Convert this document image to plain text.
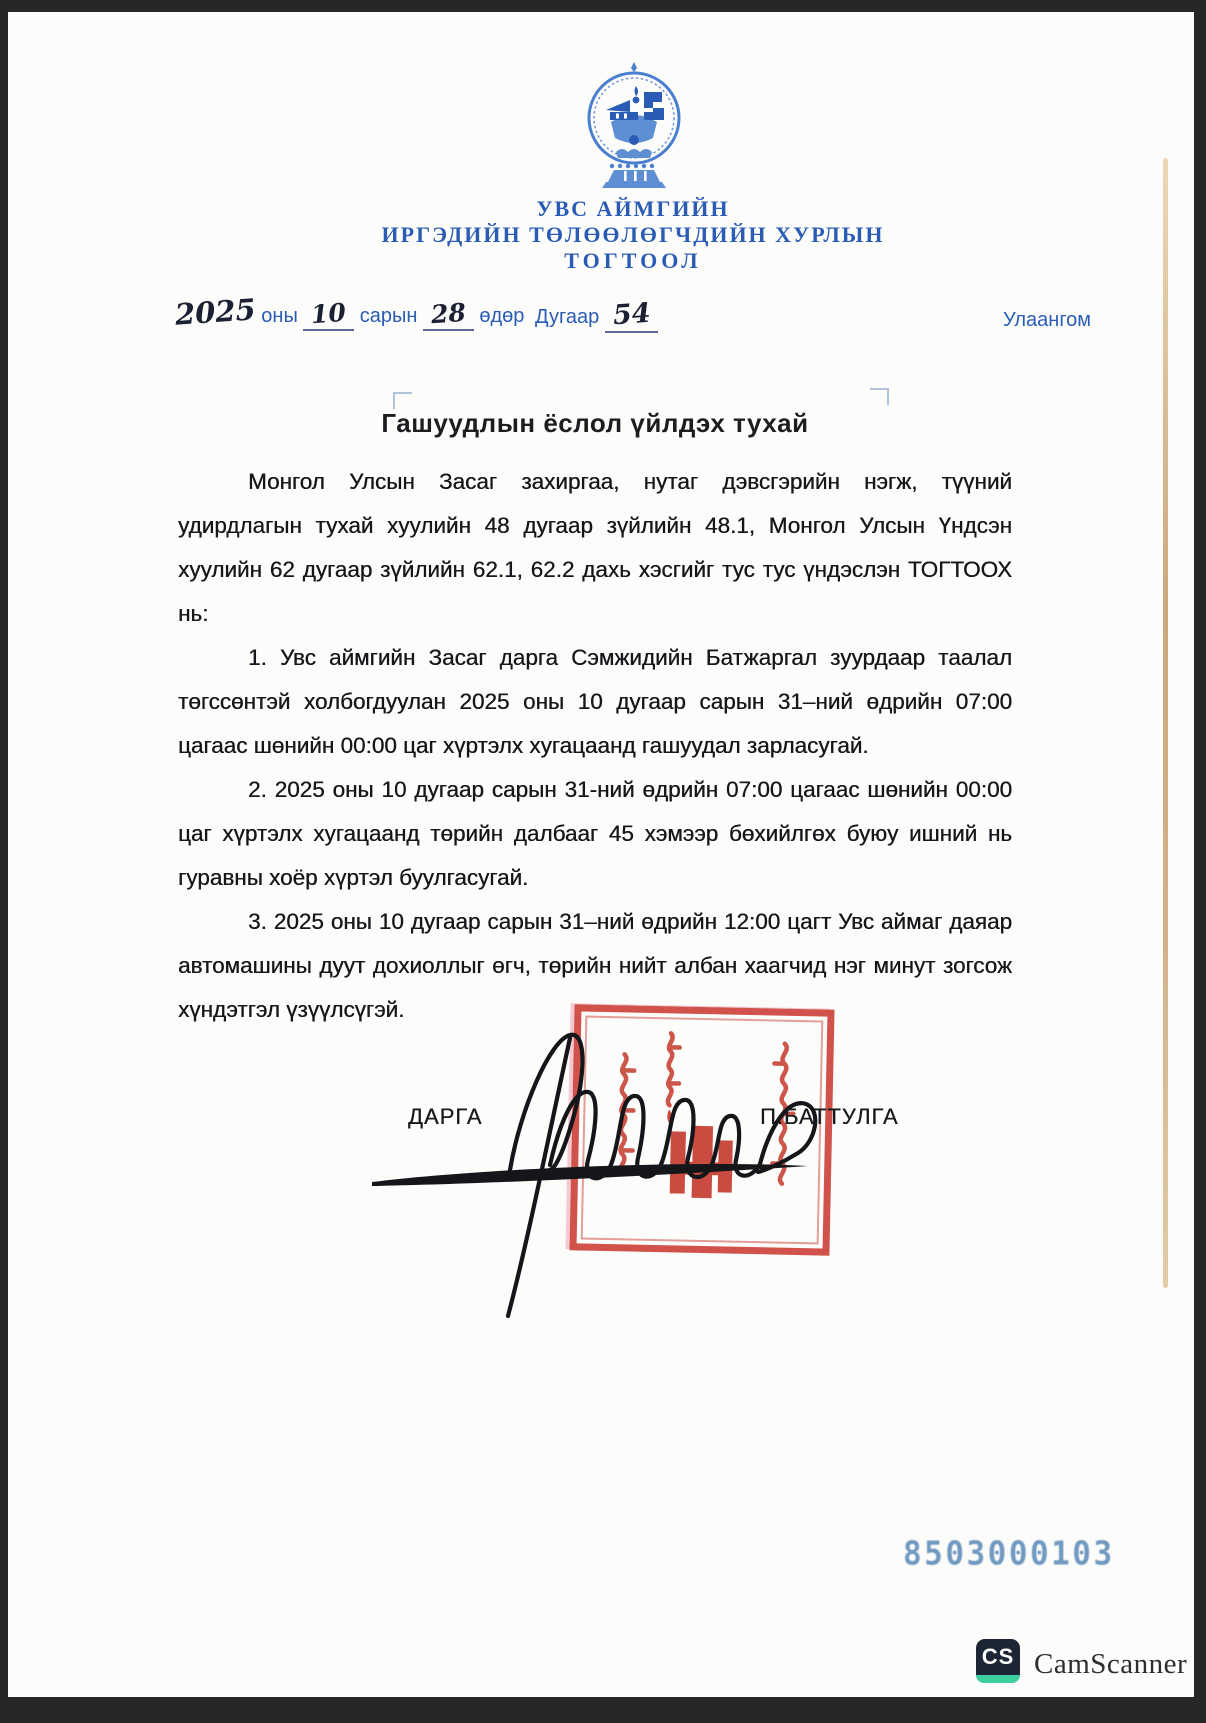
УВС АЙМГИЙН
ИРГЭДИЙН ТӨЛӨӨЛӨГЧДИЙН ХУРЛЫН
ТОГТООЛ
2025 оны 10 сарын 28 өдөр Дугаар 54	Улаангом
Гашуудлын ёслол үйлдэх тухай

Монгол Улсын Засаг захиргаа, нутаг дэвсгэрийн нэгж, түүний удирдлагын тухай хуулийн 48 дугаар зүйлийн 48.1, Монгол Улсын Үндсэн хуулийн 62 дугаар зүйлийн 62.1, 62.2 дахь хэсгийг тус тус үндэслэн ТОГТООХ нь:

1. Увс аймгийн Засаг дарга Сэмжидийн Батжаргал зуурдаар таалал төгссөнтэй холбогдуулан 2025 оны 10 дугаар сарын 31–ний өдрийн 07:00 цагаас шөнийн 00:00 цаг хүртэлх хугацаанд гашуудал зарласугай.

2. 2025 оны 10 дугаар сарын 31-ний өдрийн 07:00 цагаас шөнийн 00:00 цаг хүртэлх хугацаанд төрийн далбааг 45 хэмээр бөхийлгөх буюу ишний нь гуравны хоёр хүртэл буулгасугай.

3. 2025 оны 10 дугаар сарын 31–ний өдрийн 12:00 цагт Увс аймаг даяар автомашины дуут дохиоллыг өгч, төрийн нийт албан хаагчид нэг минут зогсож хүндэтгэл үзүүлсүгэй.

ДАРГА	П.БАТТУЛГА
8503000103
CS CamScanner
